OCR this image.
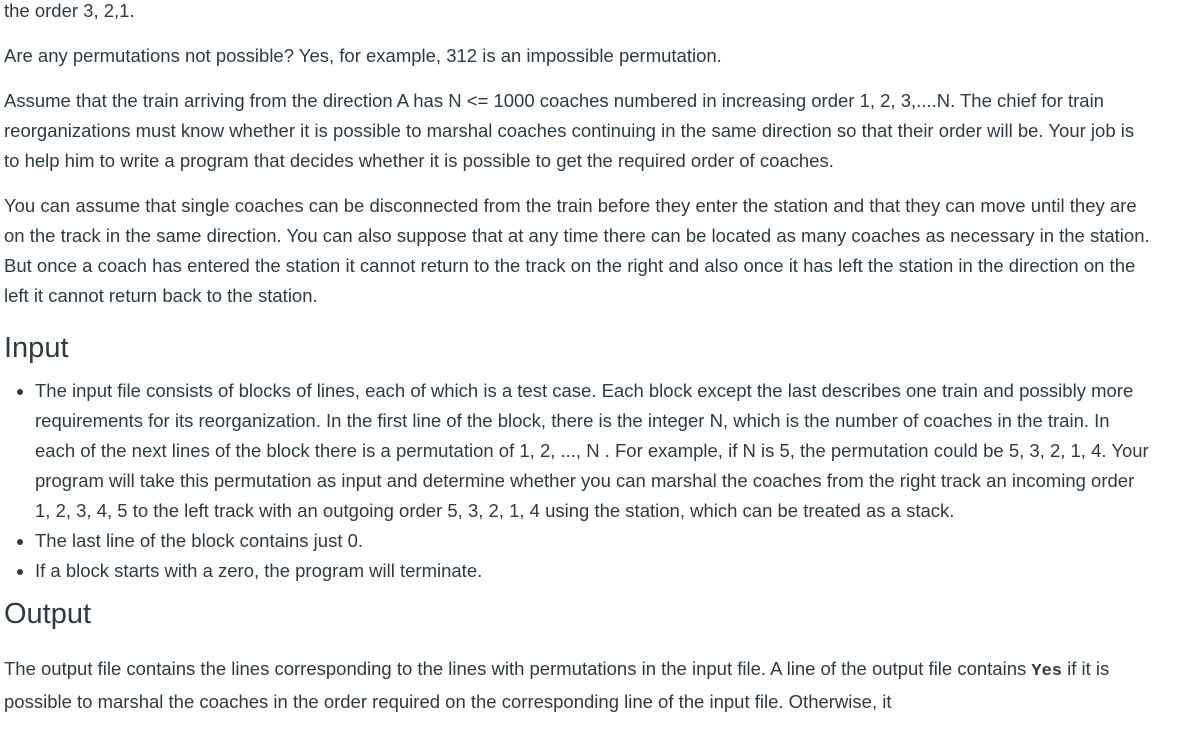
the order 3, 2,1.

Are any permutations not possible? Yes, for example, 312 is an impossible permutation.

Assume that the train arriving from the direction A has N <= 1000 coaches numbered in increasing order 1, 2, 3,....N. The chief for train reorganizations must know whether it is possible to marshal coaches continuing in the same direction so that their order will be. Your job is to help him to write a program that decides whether it is possible to get the required order of coaches.

You can assume that single coaches can be disconnected from the train before they enter the station and that they can move until they are on the track in the same direction. You can also suppose that at any time there can be located as many coaches as necessary in the station. But once a coach has entered the station it cannot return to the track on the right and also once it has left the station in the direction on the left it cannot return back to the station.

Input
• The input file consists of blocks of lines, each of which is a test case. Each block except the last describes one train and possibly more requirements for its reorganization. In the first line of the block, there is the integer N, which is the number of coaches in the train. In each of the next lines of the block there is a permutation of 1, 2, ..., N . For example, if N is 5, the permutation could be 5, 3, 2, 1, 4. Your program will take this permutation as input and determine whether you can marshal the coaches from the right track an incoming order 1, 2, 3, 4, 5 to the left track with an outgoing order 5, 3, 2, 1, 4 using the station, which can be treated as a stack.
• The last line of the block contains just 0.
• If a block starts with a zero, the program will terminate.
Output

The output file contains the lines corresponding to the lines with permutations in the input file. A line of the output file contains Yes if it is possible to marshal the coaches in the order required on the corresponding line of the input file. Otherwise, it
